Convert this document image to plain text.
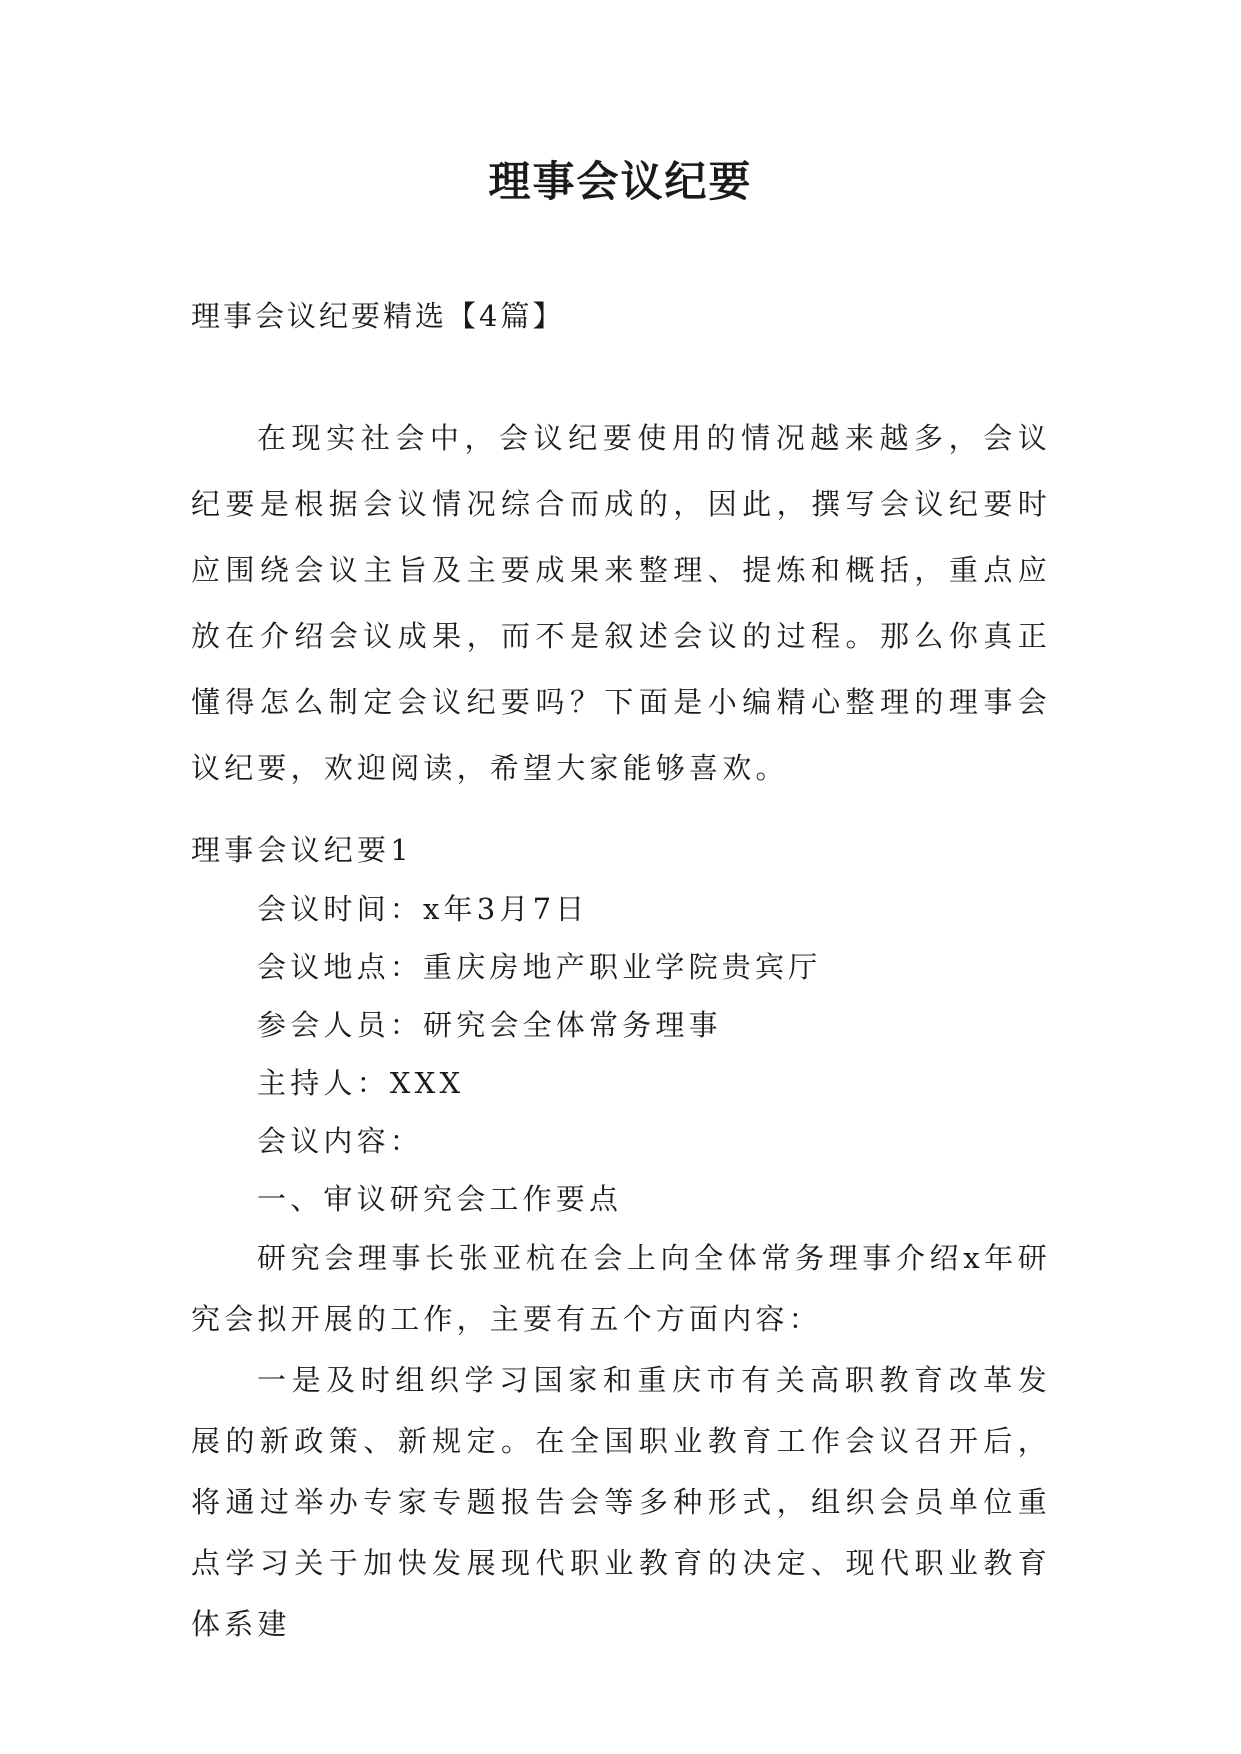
理事会议纪要

理事会议纪要精选【4篇】

在现实社会中，会议纪要使用的情况越来越多，会议纪要是根据会议情况综合而成的，因此，撰写会议纪要时应围绕会议主旨及主要成果来整理、提炼和概括，重点应放在介绍会议成果，而不是叙述会议的过程。那么你真正懂得怎么制定会议纪要吗？下面是小编精心整理的理事会议纪要，欢迎阅读，希望大家能够喜欢。

理事会议纪要1

会议时间：x年3月7日

会议地点：重庆房地产职业学院贵宾厅

参会人员：研究会全体常务理事

主持人：XXX

会议内容：

一、审议研究会工作要点

研究会理事长张亚杭在会上向全体常务理事介绍x年研究会拟开展的工作，主要有五个方面内容：

一是及时组织学习国家和重庆市有关高职教育改革发展的新政策、新规定。在全国职业教育工作会议召开后，将通过举办专家专题报告会等多种形式，组织会员单位重点学习关于加快发展现代职业教育的决定、现代职业教育体系建
